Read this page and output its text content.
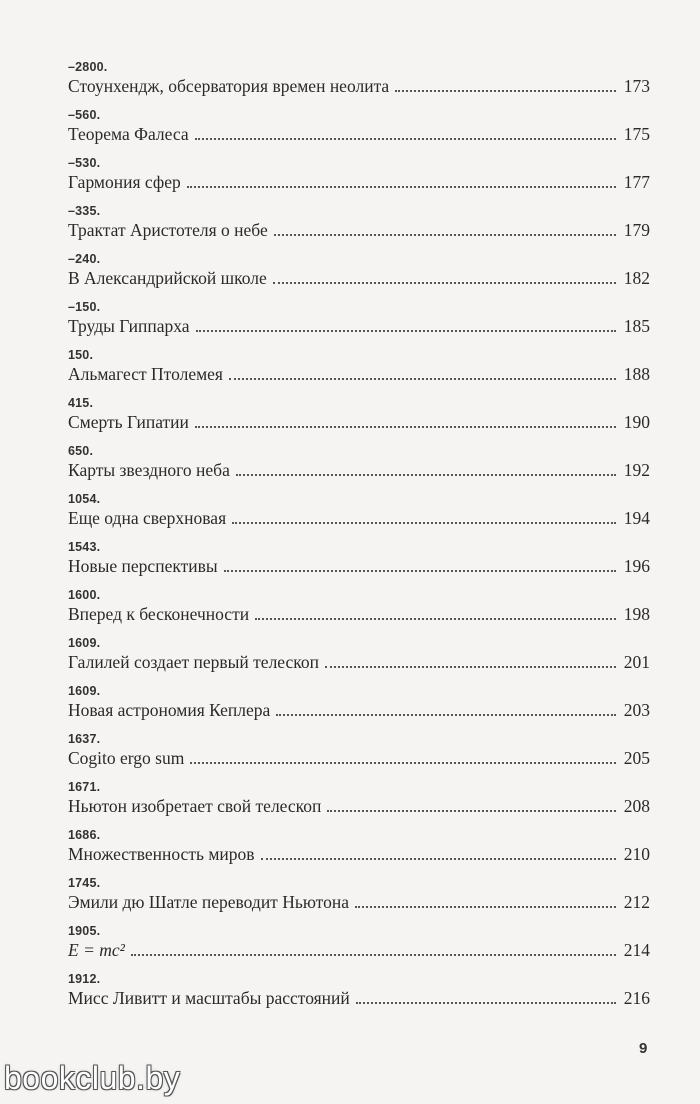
–2800.
Стоунхендж, обсерватория времен неолита	173
–560.
Теорема Фалеса	175
–530.
Гармония сфер	177
–335.
Трактат Аристотеля о небе	179
–240.
В Александрийской школе	182
–150.
Труды Гиппарха	185
150.
Альмагест Птолемея	188
415.
Смерть Гипатии	190
650.
Карты звездного неба	192
1054.
Еще одна сверхновая	194
1543.
Новые перспективы	196
1600.
Вперед к бесконечности	198
1609.
Галилей создает первый телескоп	201
1609.
Новая астрономия Кеплера	203
1637.
Cogito ergo sum	205
1671.
Ньютон изобретает свой телескоп	208
1686.
Множественность миров	210
1745.
Эмили дю Шатле переводит Ньютона	212
1905.
E = mc²	214
1912.
Мисс Ливитт и масштабы расстояний	216
9
bookclub.by
